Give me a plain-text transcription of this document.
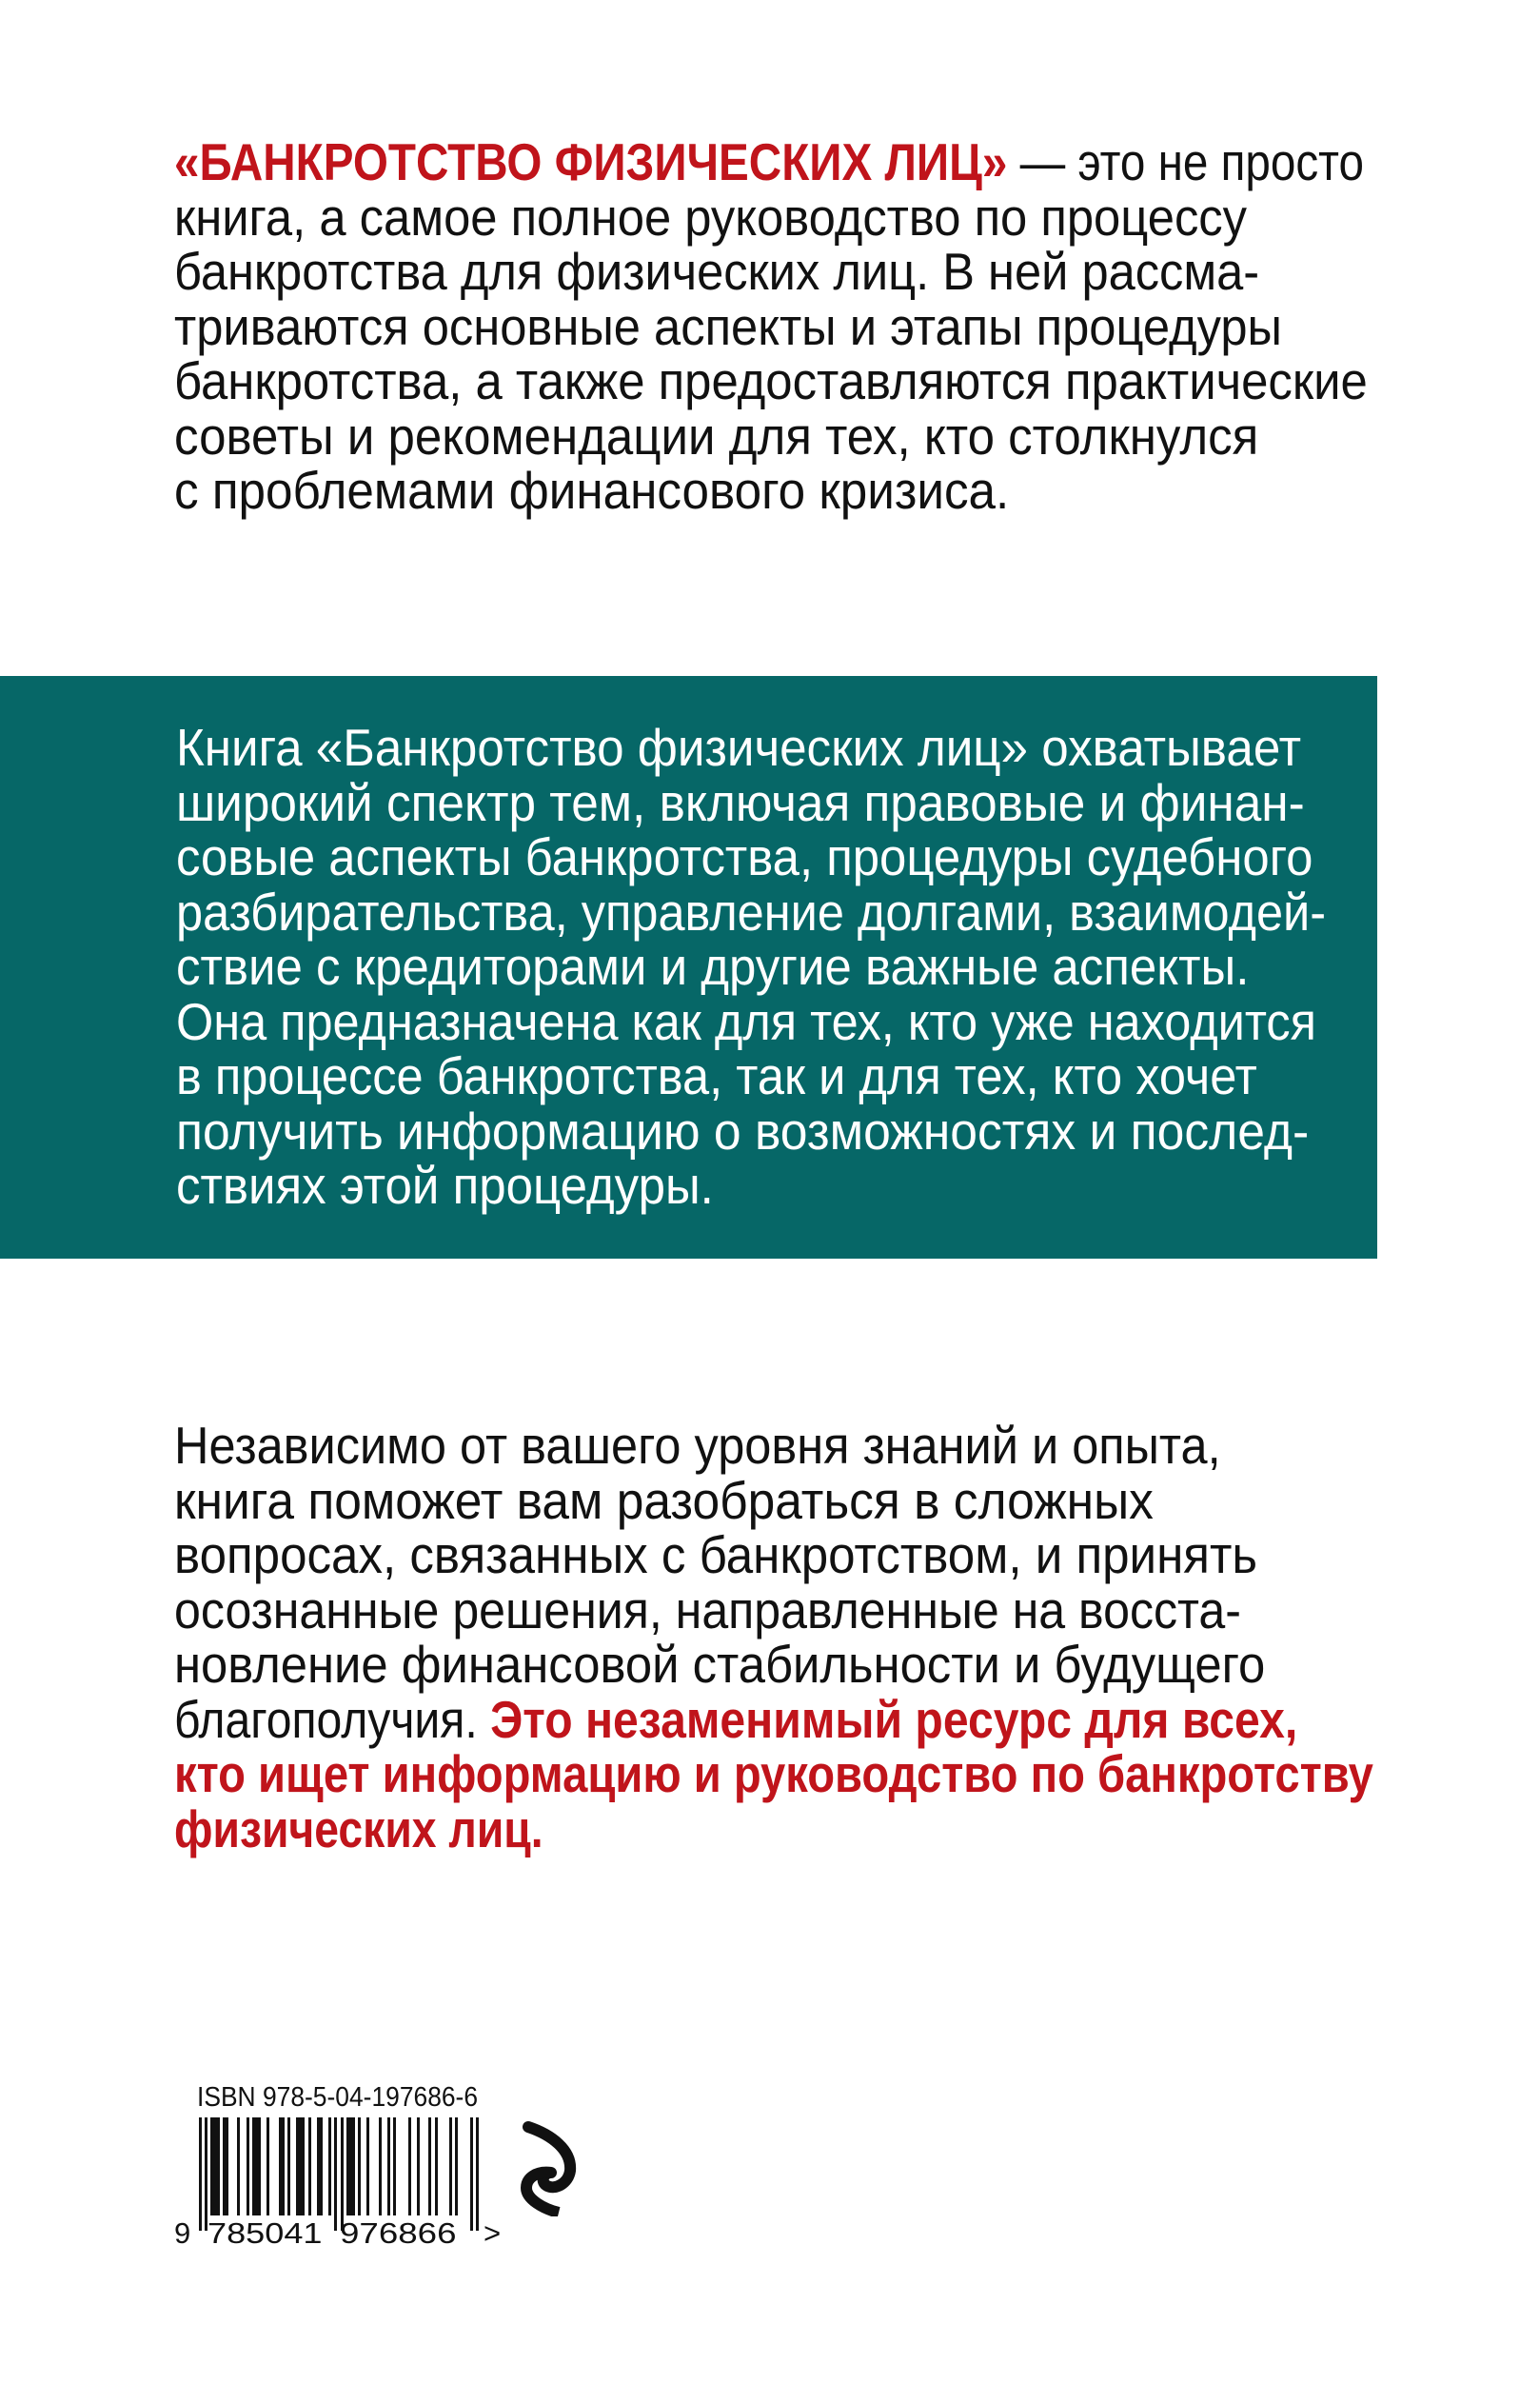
ISBN 978-5-04-197686-6
9 785041 976866 >
«БАНКРОТСТВО ФИЗИЧЕСКИХ ЛИЦ» — это не просто
книга, а самое полное руководство по процессу
банкротства для физических лиц. В ней рассма-
триваются основные аспекты и этапы процедуры
банкротства, а также предоставляются практические
советы и рекомендации для тех, кто столкнулся
с проблемами финансового кризиса.
Книга «Банкротство физических лиц» охватывает
широкий спектр тем, включая правовые и финан-
совые аспекты банкротства, процедуры судебного
разбирательства, управление долгами, взаимодей-
ствие с кредиторами и другие важные аспекты.
Она предназначена как для тех, кто уже находится
в процессе банкротства, так и для тех, кто хочет
получить информацию о возможностях и послед-
ствиях этой процедуры.
Независимо от вашего уровня знаний и опыта,
книга поможет вам разобраться в сложных
вопросах, связанных с банкротством, и принять
осознанные решения, направленные на восста-
новление финансовой стабильности и будущего
благополучия. Это незаменимый ресурс для всех,
кто ищет информацию и руководство по банкротству
физических лиц.
